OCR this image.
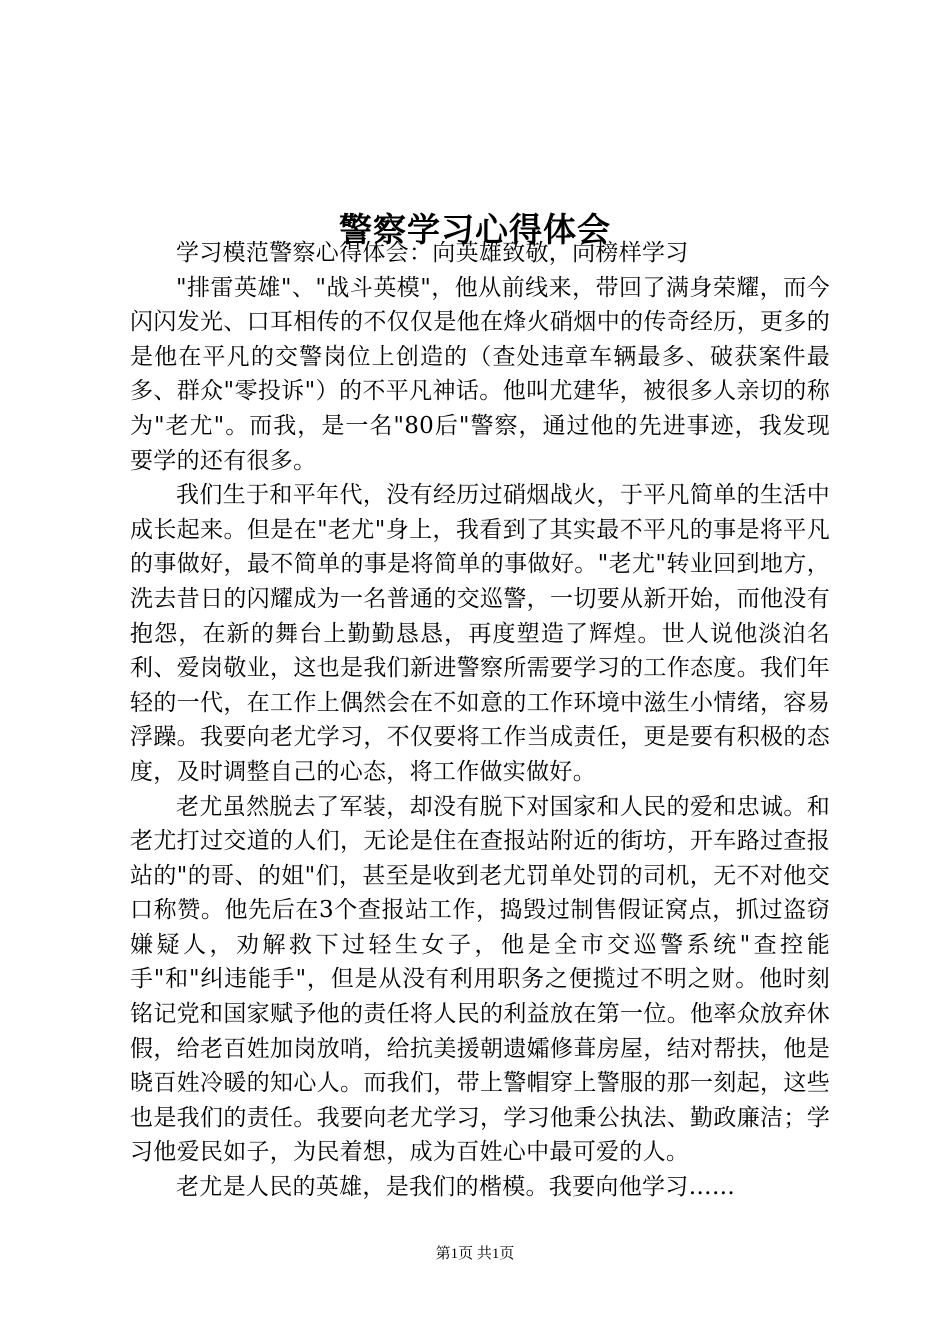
警察学习心得体会

学习模范警察心得体会：向英雄致敬，向榜样学习

"排雷英雄"、"战斗英模"，他从前线来，带回了满身荣耀，而今闪闪发光、口耳相传的不仅仅是他在烽火硝烟中的传奇经历，更多的是他在平凡的交警岗位上创造的（查处违章车辆最多、破获案件最多、群众"零投诉"）的不平凡神话。他叫尤建华，被很多人亲切的称为"老尤"。而我，是一名"80后"警察，通过他的先进事迹，我发现要学的还有很多。

我们生于和平年代，没有经历过硝烟战火，于平凡简单的生活中成长起来。但是在"老尤"身上，我看到了其实最不平凡的事是将平凡的事做好，最不简单的事是将简单的事做好。"老尤"转业回到地方，洗去昔日的闪耀成为一名普通的交巡警，一切要从新开始，而他没有抱怨，在新的舞台上勤勤恳恳，再度塑造了辉煌。世人说他淡泊名利、爱岗敬业，这也是我们新进警察所需要学习的工作态度。我们年轻的一代，在工作上偶然会在不如意的工作环境中滋生小情绪，容易浮躁。我要向老尤学习，不仅要将工作当成责任，更是要有积极的态度，及时调整自己的心态，将工作做实做好。

老尤虽然脱去了军装，却没有脱下对国家和人民的爱和忠诚。和老尤打过交道的人们，无论是住在查报站附近的街坊，开车路过查报站的"的哥、的姐"们，甚至是收到老尤罚单处罚的司机，无不对他交口称赞。他先后在3个查报站工作，捣毁过制售假证窝点，抓过盗窃嫌疑人，劝解救下过轻生女子，他是全市交巡警系统"查控能手"和"纠违能手"，但是从没有利用职务之便揽过不明之财。他时刻铭记党和国家赋予他的责任将人民的利益放在第一位。他率众放弃休假，给老百姓加岗放哨，给抗美援朝遗孀修葺房屋，结对帮扶，他是晓百姓冷暖的知心人。而我们，带上警帽穿上警服的那一刻起，这些也是我们的责任。我要向老尤学习，学习他秉公执法、勤政廉洁；学习他爱民如子，为民着想，成为百姓心中最可爱的人。

老尤是人民的英雄，是我们的楷模。我要向他学习……

第1页 共1页
